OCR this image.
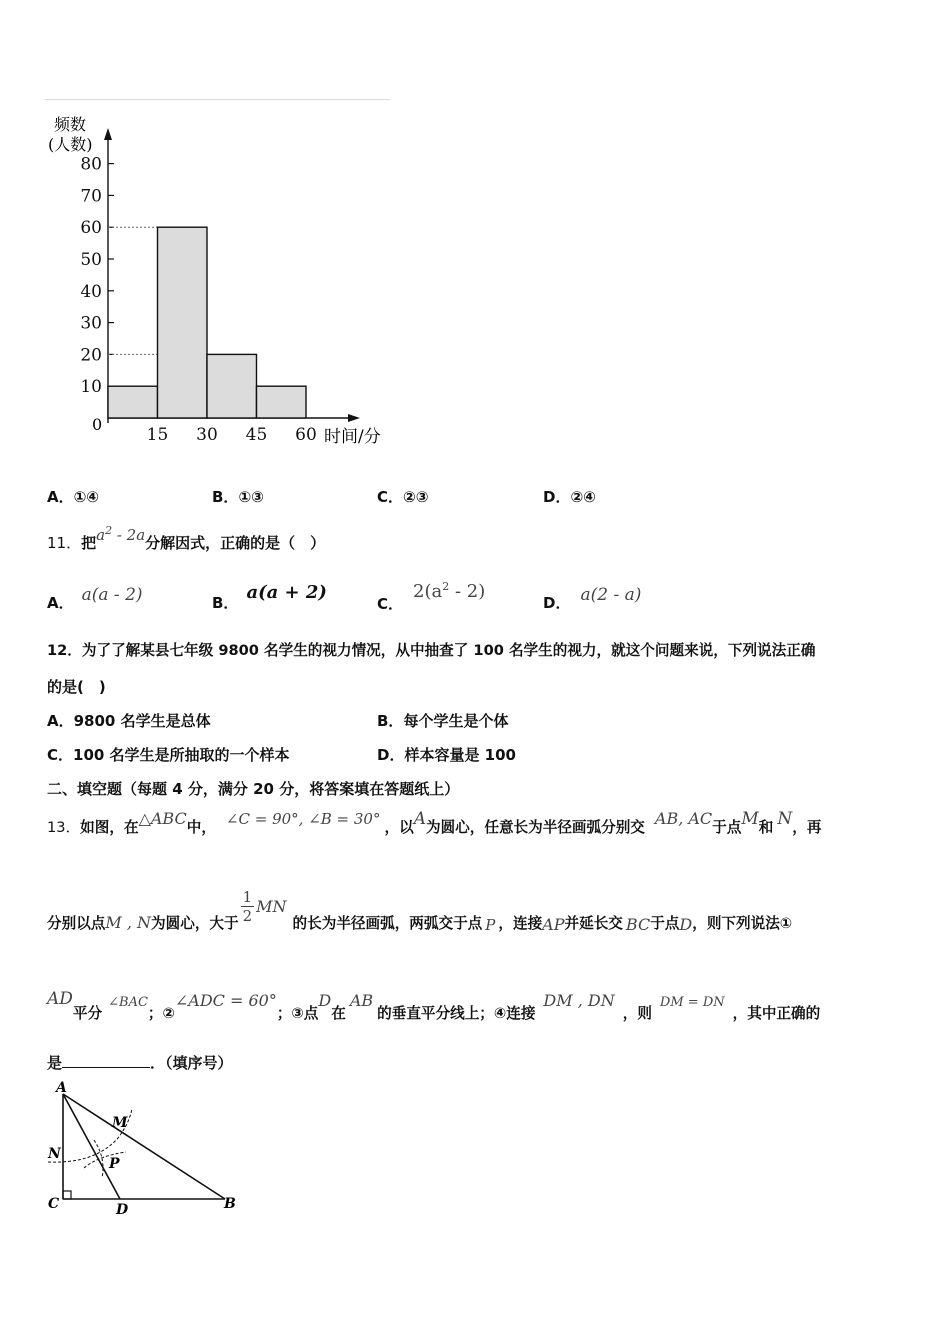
频数
(人数)
时间/分
0
10
20
30
40
50
60
70
80
15 30 45 60
A．①④	B．①③	C．②③	D．②④
11．把$a^2 - 2a$分解因式，正确的是（　）
A． a(a - 2)	B． a(a + 2)
C．$2(a^2 - 2)$
D． a(2 - a)
12．为了了解某县七年级 9800 名学生的视力情况，从中抽查了 100 名学生的视力，就这个问题来说，下列说法正确
的是(　)
A．9800 名学生是总体	B．每个学生是个体
C．100 名学生是所抽取的一个样本	D．样本容量是 100
二、填空题（每题 4 分，满分 20 分，将答案填在答题纸上）
13．如图，在△ABC中， ∠C = 90°, ∠B = 30° ，以A为圆心，任意长为半径画弧分别交 AB, AC于点M和 N，再
分别以点M , N为圆心，大于 $\frac{1}{2}$ MN的长为半径画弧，两弧交于点 P ，连接AP并延长交 BC于点D，则下列说法①
AD平分∠BAC；②∠ADC = 60°；③点D在AB的垂直平分线上；④连接DM , DN，则DM = DN，其中正确的
是	．（填序号）
A
M
N
P
C	D	B
